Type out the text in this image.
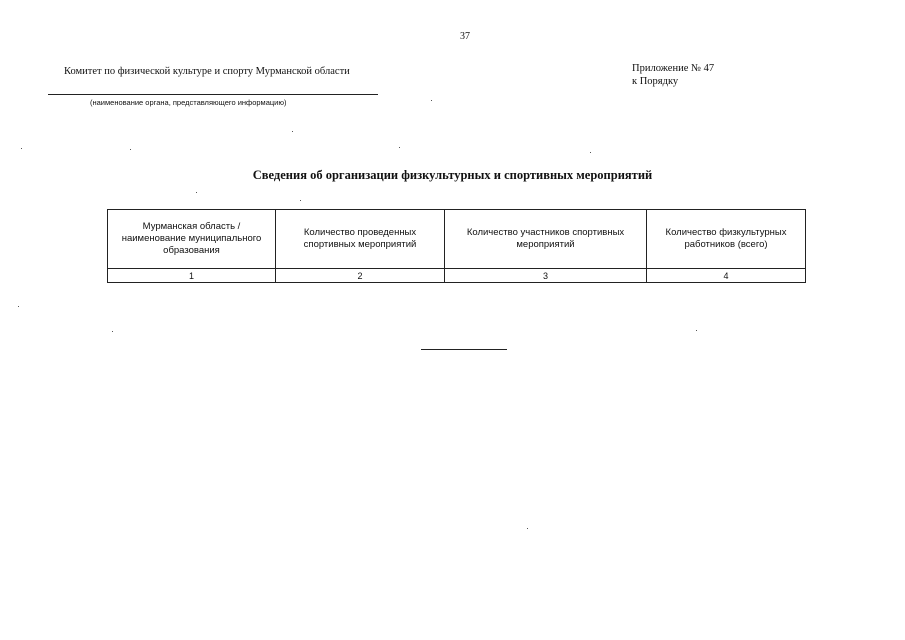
37
Комитет по физической культуре и спорту Мурманской области
(наименование органа, представляющего информацию)
Приложение № 47
к Порядку
Сведения об организации физкультурных и спортивных мероприятий
Мурманская область / наименование муниципального образования	Количество проведенных спортивных мероприятий	Количество участников спортивных мероприятий	Количество физкультурных работников (всего)
1	2	3	4
